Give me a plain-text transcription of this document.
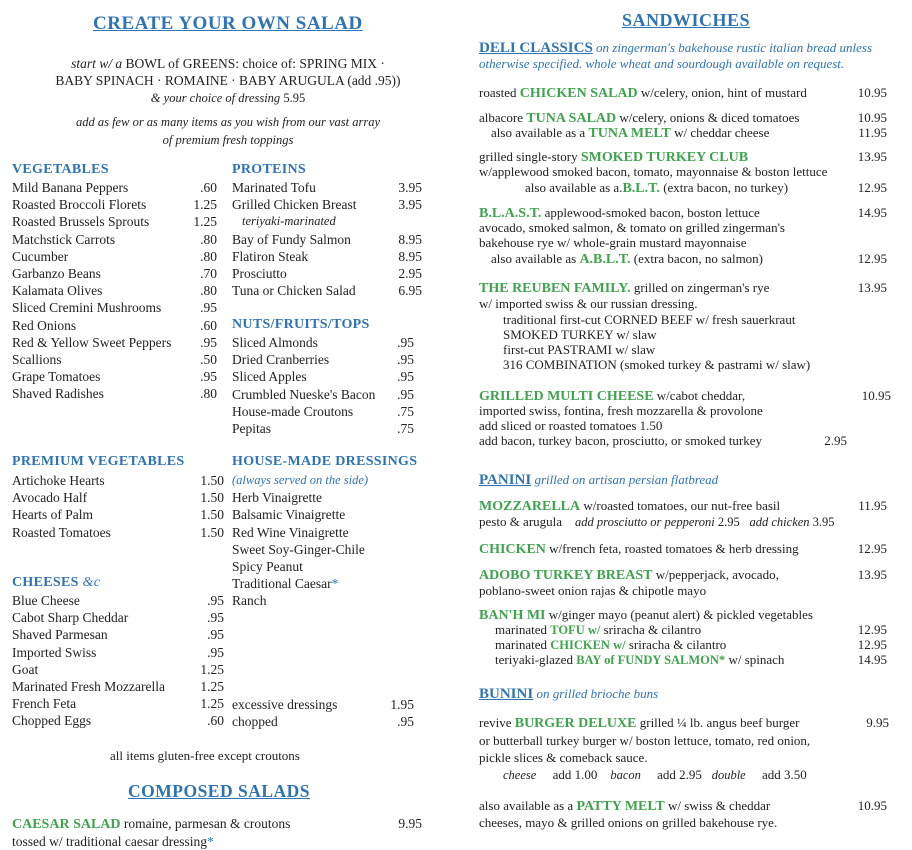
CREATE YOUR OWN SALAD
start w/ a BOWL of GREENS: choice of: SPRING MIX ·
BABY SPINACH · ROMAINE · BABY ARUGULA (add .95))
& your choice of dressing 5.95
add as few or as many items as you wish from our vast array
of premium fresh toppings
VEGETABLES
Mild Banana Peppers	.60
Roasted Broccoli Florets	1.25
Roasted Brussels Sprouts	1.25
Matchstick Carrots	.80
Cucumber	.80
Garbanzo Beans	.70
Kalamata Olives	.80
Sliced Cremini Mushrooms	.95
Red Onions	.60
Red & Yellow Sweet Peppers	.95
Scallions	.50
Grape Tomatoes	.95
Shaved Radishes	.80
PROTEINS
Marinated Tofu	3.95
Grilled Chicken Breast	3.95
teriyaki-marinated
Bay of Fundy Salmon	8.95
Flatiron Steak	8.95
Prosciutto	2.95
Tuna or Chicken Salad	6.95
NUTS/FRUITS/TOPS
Sliced Almonds	.95
Dried Cranberries	.95
Sliced Apples	.95
Crumbled Nueske's Bacon	.95
House-made Croutons	.75
Pepitas	.75
PREMIUM VEGETABLES
Artichoke Hearts	1.50
Avocado Half	1.50
Hearts of Palm	1.50
Roasted Tomatoes	1.50
HOUSE-MADE DRESSINGS
(always served on the side)
Herb Vinaigrette
Balsamic Vinaigrette
Red Wine Vinaigrette
Sweet Soy-Ginger-Chile
Spicy Peanut
Traditional Caesar*
Ranch
CHEESES &c
Blue Cheese	.95
Cabot Sharp Cheddar	.95
Shaved Parmesan	.95
Imported Swiss	.95
Goat	1.25
Marinated Fresh Mozzarella	1.25
French Feta	1.25
Chopped Eggs	.60
excessive dressings	1.95
chopped	.95
all items gluten-free except croutons
COMPOSED SALADS
CAESAR SALAD romaine, parmesan & croutons	9.95
tossed w/ traditional caesar dressing*
SANDWICHES
DELI CLASSICS on zingerman's bakehouse rustic italian bread unless
otherwise specified. whole wheat and sourdough available on request.
roasted CHICKEN SALAD w/celery, onion, hint of mustard	10.95
albacore TUNA SALAD w/celery, onions & diced tomatoes	10.95
also available as a TUNA MELT w/ cheddar cheese	11.95
grilled single-story SMOKED TURKEY CLUB	13.95
w/applewood smoked bacon, tomato, mayonnaise & boston lettuce
also available as a.B.L.T. (extra bacon, no turkey)	12.95
B.L.A.S.T. applewood-smoked bacon, boston lettuce	14.95
avocado, smoked salmon, & tomato on grilled zingerman's
bakehouse rye w/ whole-grain mustard mayonnaise
also available as A.B.L.T. (extra bacon, no salmon)	12.95
THE REUBEN FAMILY. grilled on zingerman's rye	13.95
w/ imported swiss & our russian dressing.
traditional first-cut CORNED BEEF w/ fresh sauerkraut
SMOKED TURKEY w/ slaw
first-cut PASTRAMI w/ slaw
316 COMBINATION (smoked turkey & pastrami w/ slaw)
GRILLED MULTI CHEESE w/cabot cheddar,	10.95
imported swiss, fontina, fresh mozzarella & provolone
add sliced or roasted tomatoes 1.50
add bacon, turkey bacon, prosciutto, or smoked turkey	2.95
PANINI grilled on artisan persian flatbread
MOZZARELLA w/roasted tomatoes, our nut-free basil	11.95
pesto & arugula add prosciutto or pepperoni 2.95 add chicken 3.95
CHICKEN w/french feta, roasted tomatoes & herb dressing	12.95
ADOBO TURKEY BREAST w/pepperjack, avocado,	13.95
poblano-sweet onion rajas & chipotle mayo
BAN'H MI w/ginger mayo (peanut alert) & pickled vegetables
marinated TOFU w/ sriracha & cilantro	12.95
marinated CHICKEN w/ sriracha & cilantro	12.95
teriyaki-glazed BAY of FUNDY SALMON* w/ spinach	14.95
BUNINI on grilled brioche buns
revive BURGER DELUXE grilled ¼ lb. angus beef burger	9.95
or butterball turkey burger w/ boston lettuce, tomato, red onion,
pickle slices & comeback sauce.
cheese add 1.00 bacon add 2.95 double add 3.50
also available as a PATTY MELT w/ swiss & cheddar	10.95
cheeses, mayo & grilled onions on grilled bakehouse rye.
